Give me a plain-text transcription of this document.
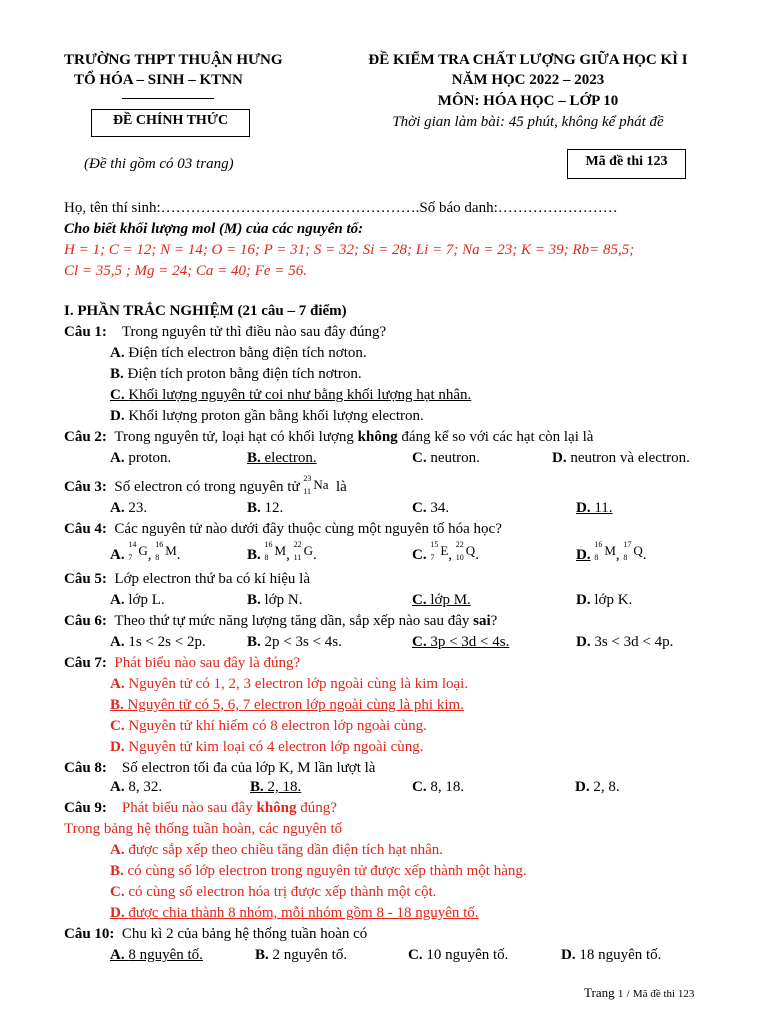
TRƯỜNG THPT THUẬN HƯNG
TỔ HÓA – SINH – KTNN
ĐỀ CHÍNH THỨC
(Đề thi gồm có 03 trang)
ĐỀ KIỂM TRA CHẤT LƯỢNG GIỮA HỌC KÌ I
NĂM HỌC 2022 – 2023
MÔN: HÓA HỌC – LỚP 10
Thời gian làm bài: 45 phút, không kể phát đề
Mã đề thi 123
Họ, tên thí sinh:…………………………………………….Số báo danh:……………………
Cho biết khối lượng mol (M) của các nguyên tố:
H = 1; C = 12; N = 14; O = 16; P = 31; S = 32; Si = 28; Li = 7; Na = 23; K = 39; Rb= 85,5;
Cl = 35,5 ; Mg = 24; Ca = 40; Fe = 56.
I. PHẦN TRẮC NGHIỆM (21 câu – 7 điểm)
Câu 1: Trong nguyên tử thì điều nào sau đây đúng?
A. Điện tích electron bằng điện tích nơton.
B. Điện tích proton bằng điện tích nơtron.
C. Khối lượng nguyên tử coi như bằng khối lượng hạt nhân.
D. Khối lượng proton gần bằng khối lượng electron.
Câu 2: Trong nguyên tử, loại hạt có khối lượng không đáng kể so với các hạt còn lại là
A. proton.	B. electron.	C. neutron.	D. neutron và electron.
Câu 3: Số electron có trong nguyên tử
23
11 Na là
A. 23.	B. 12.	C. 34.	D. 11.
Câu 4: Các nguyên tử nào dưới đây thuộc cùng một nguyên tố hóa học?
A.
14
7 G,
16
8 M.	B.
16
8 M,
22
11 G.	C.
15
7 E,
22
10 Q.	D.
16
8 M,
17
8 Q.
Câu 5: Lớp electron thứ ba có kí hiệu là
A. lớp L.	B. lớp N.	C. lớp M.	D. lớp K.
Câu 6: Theo thứ tự mức năng lượng tăng dần, sắp xếp nào sau đây sai?
A. 1s < 2s < 2p.	B. 2p < 3s < 4s.	C. 3p < 3d < 4s.	D. 3s < 3d < 4p.
Câu 7: Phát biểu nào sau đây là đúng?
A. Nguyên tử có 1, 2, 3 electron lớp ngoài cùng là kim loại.
B. Nguyên tử có 5, 6, 7 electron lớp ngoài cùng là phi kim.
C. Nguyên tử khí hiếm có 8 electron lớp ngoài cùng.
D. Nguyên tử kim loại có 4 electron lớp ngoài cùng.
Câu 8: Số electron tối đa của lớp K, M lần lượt là
A. 8, 32.	B. 2, 18.	C. 8, 18.	D. 2, 8.
Câu 9: Phát biểu nào sau đây không đúng?
Trong bảng hệ thống tuần hoàn, các nguyên tố
A. được sắp xếp theo chiều tăng dần điện tích hạt nhân.
B. có cùng số lớp electron trong nguyên tử được xếp thành một hàng.
C. có cùng số electron hóa trị được xếp thành một cột.
D. được chia thành 8 nhóm, mỗi nhóm gồm 8 - 18 nguyên tố.
Câu 10: Chu kì 2 của bảng hệ thống tuần hoàn có
A. 8 nguyên tố.	B. 2 nguyên tố.	C. 10 nguyên tố.	D. 18 nguyên tố.
Trang 1 / Mã đề thi 123
